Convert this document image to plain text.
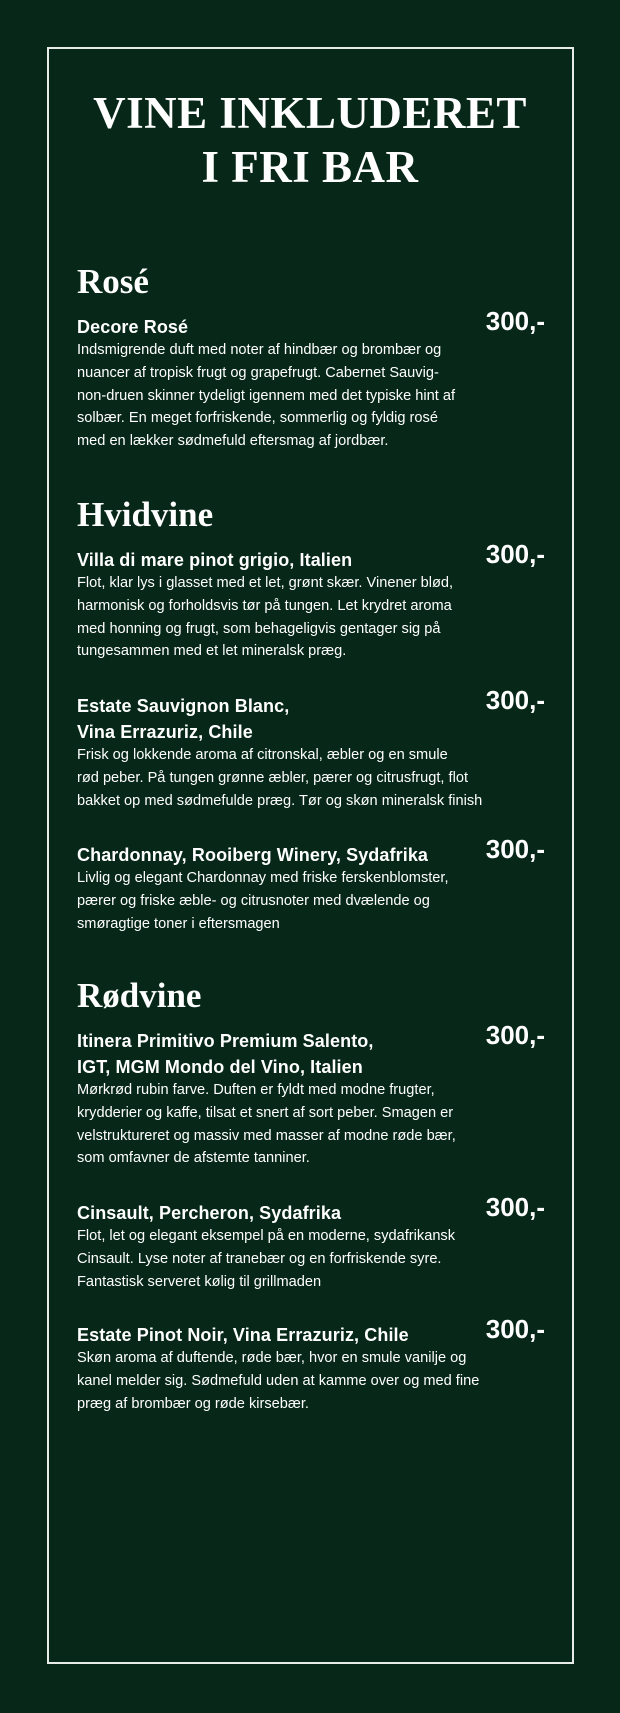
VINE INKLUDERET
I FRI BAR
Rosé
Decore Rosé	300,-
Indsmigrende duft med noter af hindbær og brombær og
nuancer af tropisk frugt og grapefrugt. Cabernet Sauvig-
non-druen skinner tydeligt igennem med det typiske hint af
solbær. En meget forfriskende, sommerlig og fyldig rosé
med en lækker sødmefuld eftersmag af jordbær.
Hvidvine
Villa di mare pinot grigio, Italien	300,-
Flot, klar lys i glasset med et let, grønt skær. Vinener blød,
harmonisk og forholdsvis tør på tungen. Let krydret aroma
med honning og frugt, som behageligvis gentager sig på
tungesammen med et let mineralsk præg.
Estate Sauvignon Blanc,
Vina Errazuriz, Chile
300,-
Frisk og lokkende aroma af citronskal, æbler og en smule
rød peber. På tungen grønne æbler, pærer og citrusfrugt, flot
bakket op med sødmefulde præg. Tør og skøn mineralsk finish
Chardonnay, Rooiberg Winery, Sydafrika	300,-
Livlig og elegant Chardonnay med friske ferskenblomster,
pærer og friske æble- og citrusnoter med dvælende og
smøragtige toner i eftersmagen
Rødvine
Itinera Primitivo Premium Salento,
IGT, MGM Mondo del Vino, Italien
300,-
Mørkrød rubin farve. Duften er fyldt med modne frugter,
krydderier og kaffe, tilsat et snert af sort peber. Smagen er
velstruktureret og massiv med masser af modne røde bær,
som omfavner de afstemte tanniner.
Cinsault, Percheron, Sydafrika	300,-
Flot, let og elegant eksempel på en moderne, sydafrikansk
Cinsault. Lyse noter af tranebær og en forfriskende syre.
Fantastisk serveret kølig til grillmaden
Estate Pinot Noir, Vina Errazuriz, Chile	300,-
Skøn aroma af duftende, røde bær, hvor en smule vanilje og
kanel melder sig. Sødmefuld uden at kamme over og med fine
præg af brombær og røde kirsebær.
